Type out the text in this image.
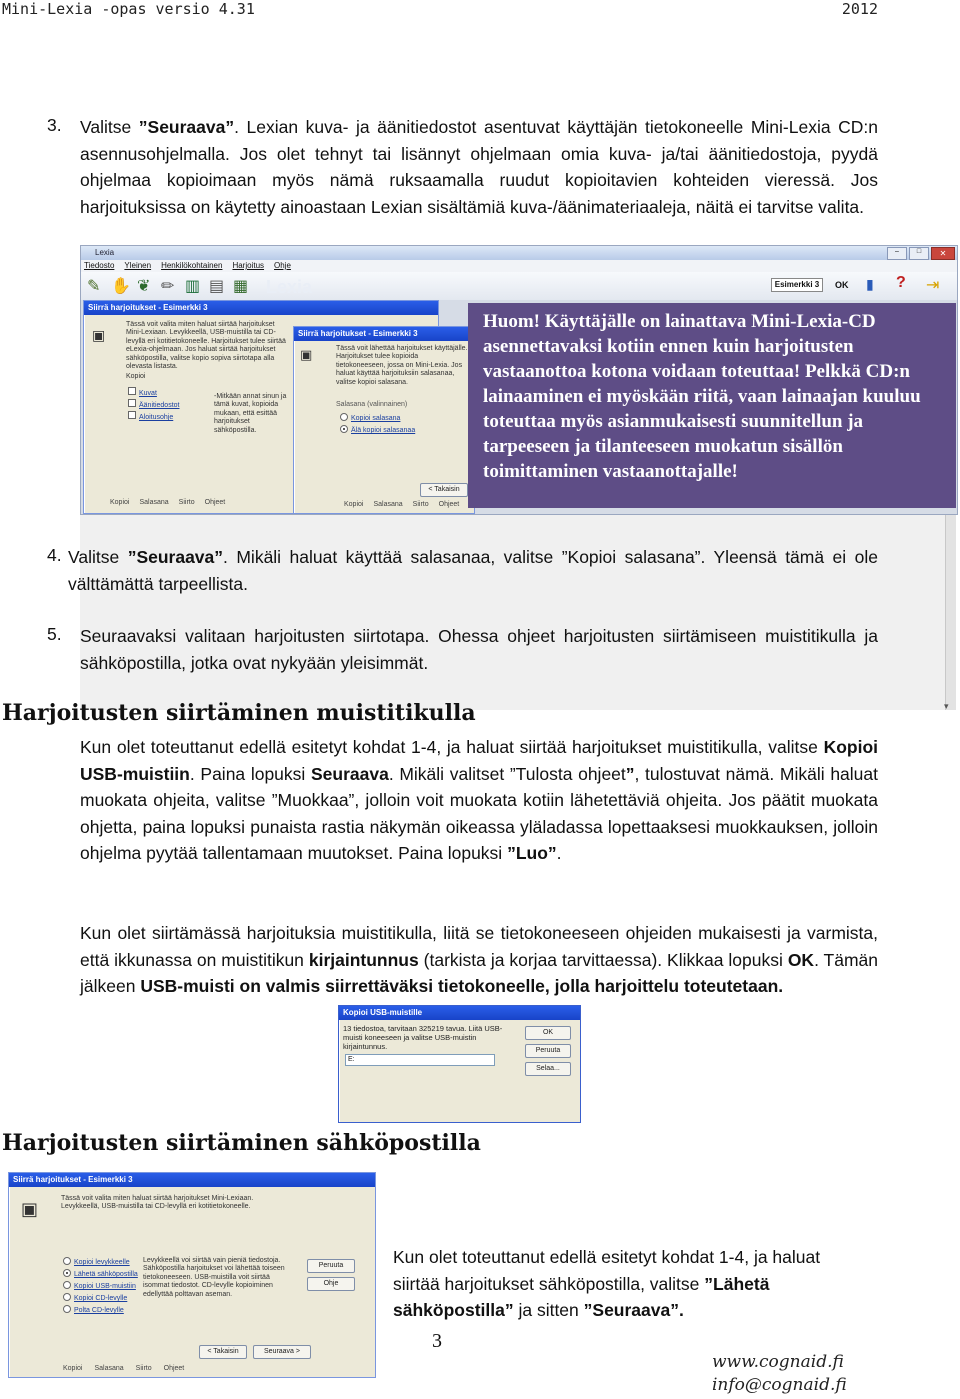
Mini-Lexia -opas versio 4.31	2012
3. Valitse ”Seuraava”. Lexian kuva- ja äänitiedostot asentuvat käyttäjän tietokoneelle Mini-Lexia CD:n asennusohjelmalla. Jos olet tehnyt tai lisännyt ohjelmaan omia kuva- ja/tai äänitiedostoja, pyydä ohjelmaa kopioimaan myös nämä ruksaamalla ruudut kopioitavien kohteiden vieressä. Jos harjoituksissa on käytetty ainoastaan Lexian sisältämiä kuva-/äänimateriaaleja, näitä ei tarvitse valita.
▾
Lexia	–	□	✕
Tiedosto Yleinen Henkilökohtainen Harjoitus Ohje
✎ ✋ ❦ ✏ ▥ ▤ ▦ Lexia	Esimerkki 3	OK ▮ ? ⇥
Siirrä harjoitukset - Esimerkki 3
▣
Tässä voit valita miten haluat siirtää harjoitukset Mini-Lexiaan. Levykkeellä, USB-muistilla tai CD-levyllä eri kotitietokoneelle. Harjoitukset tulee siirtää eLexia-ohjelmaan. Jos haluat siirtää harjoitukset sähköpostilla, valitse kopio sopiva siirtotapa alla olevasta listasta.
Kopioi
Kuvat
Äänitiedostot
Aloitusohje
-Mitkään annat sinun ja tämä kuvat, kopioida mukaan, että esittää harjoitukset sähköpostilla.
Kopioi Salasana Siirto Ohjeet
Siirrä harjoitukset - Esimerkki 3
▣	Tässä voit lähettää harjoitukset käyttäjälle. Harjoitukset tulee kopioida tietokoneeseen, jossa on Mini-Lexia. Jos haluat käyttää harjoituksiin salasanaa, valitse kopioi salasana.
Salasana (valinnainen)
Kopioi salasana
Älä kopioi salasanaa
< Takaisin
Kopioi Salasana Siirto Ohjeet
Huom! Käyttäjälle on lainattava Mini-Lexia-CD asennettavaksi kotiin ennen kuin harjoitusten vastaanottoa kotona voidaan toteuttaa! Pelkkä CD:n lainaaminen ei myöskään riitä, vaan lainaajan kuuluu toteuttaa myös asianmukaisesti suunnitellun ja tarpeeseen ja tilanteeseen muokatun sisällön toimittaminen vastaanottajalle!
4. Valitse ”Seuraava”. Mikäli haluat käyttää salasanaa, valitse ”Kopioi salasana”. Yleensä tämä ei ole välttämättä tarpeellista.
5. Seuraavaksi valitaan harjoitusten siirtotapa. Ohessa ohjeet harjoitusten siirtämiseen muistitikulla ja sähköpostilla, jotka ovat nykyään yleisimmät.
Harjoitusten siirtäminen muistitikulla
Kun olet toteuttanut edellä esitetyt kohdat 1-4, ja haluat siirtää harjoitukset muistitikulla, valitse Kopioi USB-muistiin. Paina lopuksi Seuraava. Mikäli valitset ”Tulosta ohjeet”, tulostuvat nämä. Mikäli haluat muokata ohjeita, valitse ”Muokkaa”, jolloin voit muokata kotiin lähetettäviä ohjeita. Jos päätit muokata ohjetta, paina lopuksi punaista rastia näkymän oikeassa yläladassa lopettaaksesi muokkauksen, jolloin ohjelma pyytää tallentamaan muutokset. Paina lopuksi ”Luo”.
Kun olet siirtämässä harjoituksia muistitikulla, liitä se tietokoneeseen ohjeiden mukaisesti ja varmista, että ikkunassa on muistitikun kirjaintunnus (tarkista ja korjaa tarvittaessa). Klikkaa lopuksi OK. Tämän jälkeen USB-muisti on valmis siirrettäväksi tietokoneelle, jolla harjoittelu toteutetaan.
Kopioi USB-muistille
13 tiedostoa, tarvitaan 325219 tavua. Liitä USB-muisti koneeseen ja valitse USB-muistin kirjaintunnus.
E:
OK
Peruuta
Selaa...
Harjoitusten siirtäminen sähköpostilla
Siirrä harjoitukset - Esimerkki 3
▣
Tässä voit valita miten haluat siirtää harjoitukset Mini-Lexiaan. Levykkeellä, USB-muistilla tai CD-levyllä eri kotitietokoneelle.
Kopioi levykkeelle
Lähetä sähköpostilla
Kopioi USB-muistiin
Kopioi CD-levylle
Polta CD-levylle
Levykkeellä voi siirtää vain pieniä tiedostoja. Sähköpostilla harjoitukset voi lähettää toiseen tietokoneeseen. USB-muistilla voit siirtää isommat tiedostot. CD-levylle kopioiminen edellyttää polttavan aseman.
Peruuta
Ohje
< Takaisin	Seuraava >
Kopioi Salasana Siirto Ohjeet
Kun olet toteuttanut edellä esitetyt kohdat 1-4, ja haluat siirtää harjoitukset sähköpostilla, valitse ”Lähetä sähköpostilla” ja sitten ”Seuraava”.
3
www.cognaid.fi
info@cognaid.fi
